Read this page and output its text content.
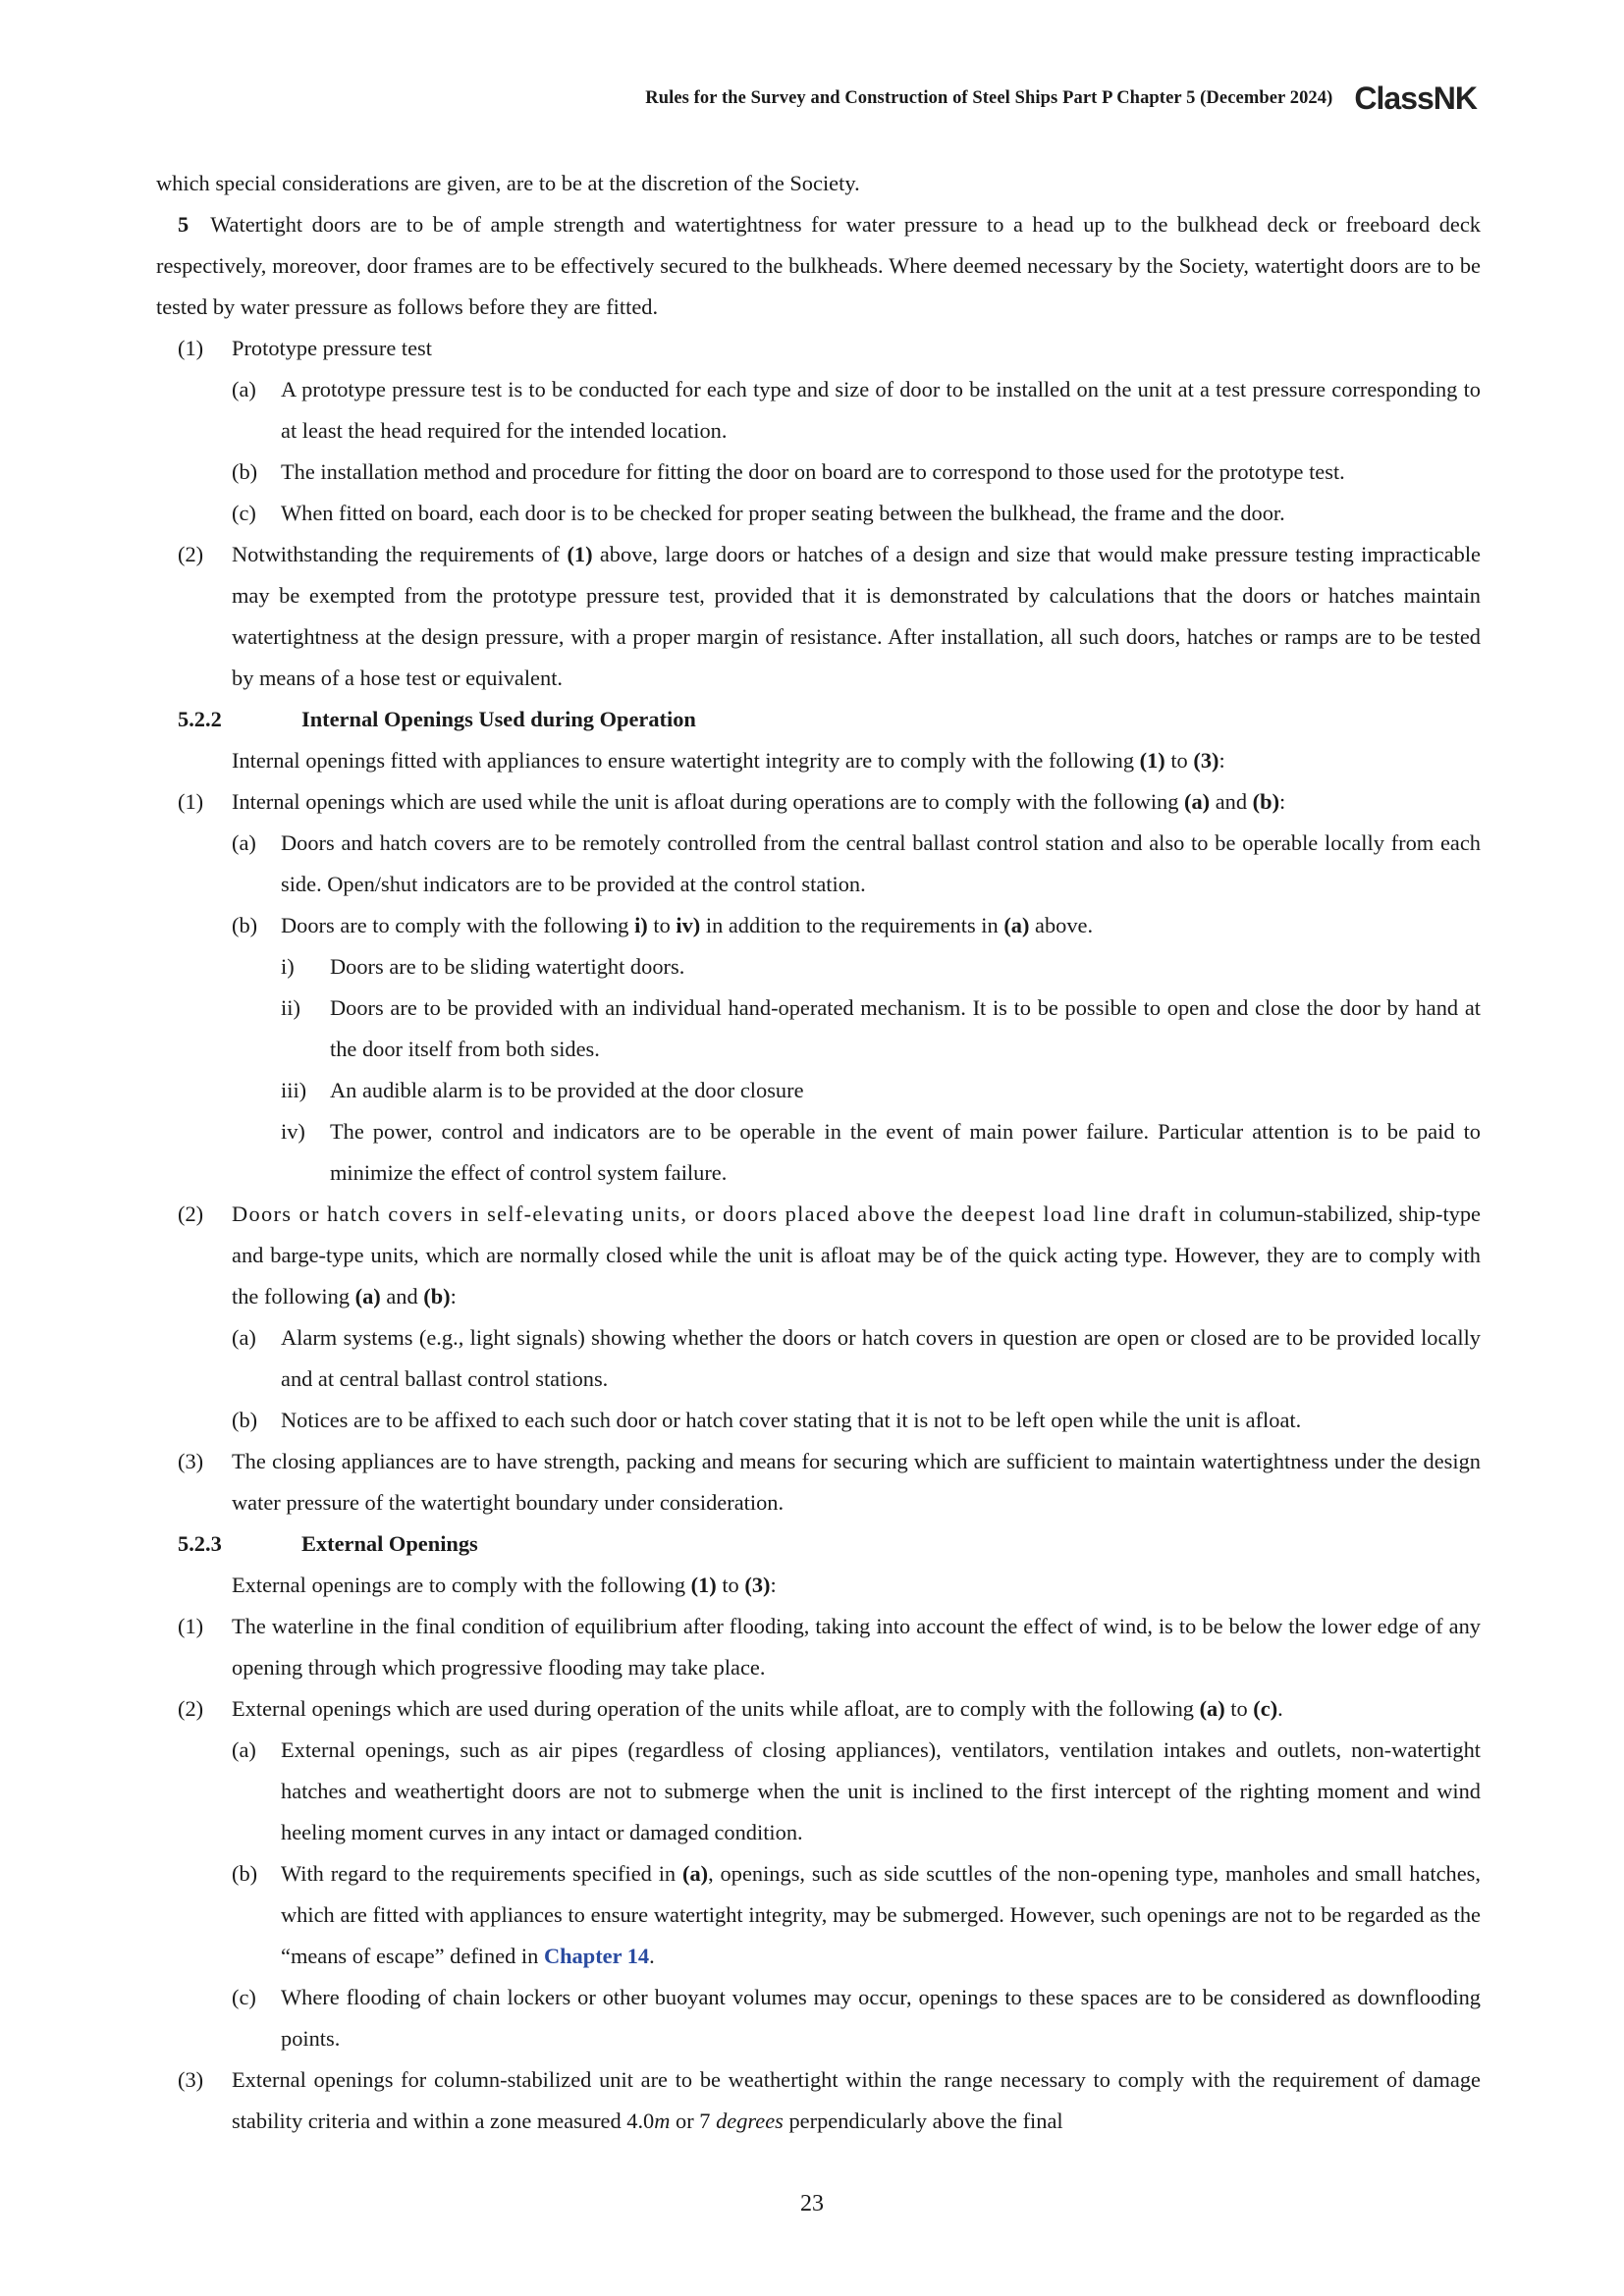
Rules for the Survey and Construction of Steel Ships Part P Chapter 5 (December 2024) ClassNK

which special considerations are given, are to be at the discretion of the Society.

5 Watertight doors are to be of ample strength and watertightness for water pressure to a head up to the bulkhead deck or freeboard deck respectively, moreover, door frames are to be effectively secured to the bulkheads. Where deemed necessary by the Society, watertight doors are to be tested by water pressure as follows before they are fitted.

(1) Prototype pressure test

(a) A prototype pressure test is to be conducted for each type and size of door to be installed on the unit at a test pressure corresponding to at least the head required for the intended location.

(b) The installation method and procedure for fitting the door on board are to correspond to those used for the prototype test.

(c) When fitted on board, each door is to be checked for proper seating between the bulkhead, the frame and the door.

(2) Notwithstanding the requirements of (1) above, large doors or hatches of a design and size that would make pressure testing impracticable may be exempted from the prototype pressure test, provided that it is demonstrated by calculations that the doors or hatches maintain watertightness at the design pressure, with a proper margin of resistance. After installation, all such doors, hatches or ramps are to be tested by means of a hose test or equivalent.

5.2.2	Internal Openings Used during Operation

Internal openings fitted with appliances to ensure watertight integrity are to comply with the following (1) to (3):

(1) Internal openings which are used while the unit is afloat during operations are to comply with the following (a) and (b):

(a) Doors and hatch covers are to be remotely controlled from the central ballast control station and also to be operable locally from each side. Open/shut indicators are to be provided at the control station.

(b) Doors are to comply with the following i) to iv) in addition to the requirements in (a) above.

i) Doors are to be sliding watertight doors.

ii) Doors are to be provided with an individual hand-operated mechanism. It is to be possible to open and close the door by hand at the door itself from both sides.

iii) An audible alarm is to be provided at the door closure

iv) The power, control and indicators are to be operable in the event of main power failure. Particular attention is to be paid to minimize the effect of control system failure.

(2) Doors or hatch covers in self-elevating units, or doors placed above the deepest load line draft in columun-stabilized, ship-type and barge-type units, which are normally closed while the unit is afloat may be of the quick acting type. However, they are to comply with the following (a) and (b):

(a) Alarm systems (e.g., light signals) showing whether the doors or hatch covers in question are open or closed are to be provided locally and at central ballast control stations.

(b) Notices are to be affixed to each such door or hatch cover stating that it is not to be left open while the unit is afloat.

(3) The closing appliances are to have strength, packing and means for securing which are sufficient to maintain watertightness under the design water pressure of the watertight boundary under consideration.

5.2.3	External Openings

External openings are to comply with the following (1) to (3):

(1) The waterline in the final condition of equilibrium after flooding, taking into account the effect of wind, is to be below the lower edge of any opening through which progressive flooding may take place.

(2) External openings which are used during operation of the units while afloat, are to comply with the following (a) to (c).

(a) External openings, such as air pipes (regardless of closing appliances), ventilators, ventilation intakes and outlets, non-watertight hatches and weathertight doors are not to submerge when the unit is inclined to the first intercept of the righting moment and wind heeling moment curves in any intact or damaged condition.

(b) With regard to the requirements specified in (a), openings, such as side scuttles of the non-opening type, manholes and small hatches, which are fitted with appliances to ensure watertight integrity, may be submerged. However, such openings are not to be regarded as the “means of escape” defined in Chapter 14.

(c) Where flooding of chain lockers or other buoyant volumes may occur, openings to these spaces are to be considered as downflooding points.

(3) External openings for column-stabilized unit are to be weathertight within the range necessary to comply with the requirement of damage stability criteria and within a zone measured 4.0m or 7 degrees perpendicularly above the final

23
